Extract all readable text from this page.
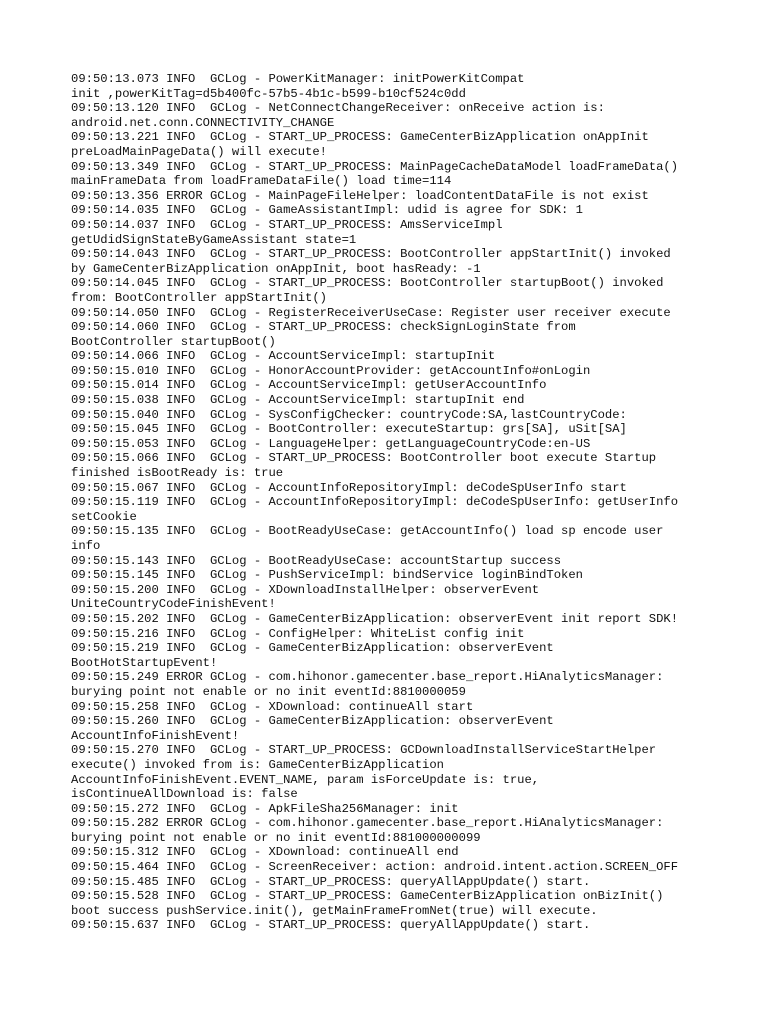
09:50:13.073 INFO  GCLog - PowerKitManager: initPowerKitCompat
init ,powerKitTag=d5b400fc-57b5-4b1c-b599-b10cf524c0dd
09:50:13.120 INFO  GCLog - NetConnectChangeReceiver: onReceive action is:
android.net.conn.CONNECTIVITY_CHANGE
09:50:13.221 INFO  GCLog - START_UP_PROCESS: GameCenterBizApplication onAppInit
preLoadMainPageData() will execute!
09:50:13.349 INFO  GCLog - START_UP_PROCESS: MainPageCacheDataModel loadFrameData()
mainFrameData from loadFrameDataFile() load time=114
09:50:13.356 ERROR GCLog - MainPageFileHelper: loadContentDataFile is not exist
09:50:14.035 INFO  GCLog - GameAssistantImpl: udid is agree for SDK: 1
09:50:14.037 INFO  GCLog - START_UP_PROCESS: AmsServiceImpl
getUdidSignStateByGameAssistant state=1
09:50:14.043 INFO  GCLog - START_UP_PROCESS: BootController appStartInit() invoked
by GameCenterBizApplication onAppInit, boot hasReady: -1
09:50:14.045 INFO  GCLog - START_UP_PROCESS: BootController startupBoot() invoked
from: BootController appStartInit()
09:50:14.050 INFO  GCLog - RegisterReceiverUseCase: Register user receiver execute
09:50:14.060 INFO  GCLog - START_UP_PROCESS: checkSignLoginState from
BootController startupBoot()
09:50:14.066 INFO  GCLog - AccountServiceImpl: startupInit
09:50:15.010 INFO  GCLog - HonorAccountProvider: getAccountInfo#onLogin
09:50:15.014 INFO  GCLog - AccountServiceImpl: getUserAccountInfo
09:50:15.038 INFO  GCLog - AccountServiceImpl: startupInit end
09:50:15.040 INFO  GCLog - SysConfigChecker: countryCode:SA,lastCountryCode:
09:50:15.045 INFO  GCLog - BootController: executeStartup: grs[SA], uSit[SA]
09:50:15.053 INFO  GCLog - LanguageHelper: getLanguageCountryCode:en-US
09:50:15.066 INFO  GCLog - START_UP_PROCESS: BootController boot execute Startup
finished isBootReady is: true
09:50:15.067 INFO  GCLog - AccountInfoRepositoryImpl: deCodeSpUserInfo start
09:50:15.119 INFO  GCLog - AccountInfoRepositoryImpl: deCodeSpUserInfo: getUserInfo
setCookie
09:50:15.135 INFO  GCLog - BootReadyUseCase: getAccountInfo() load sp encode user
info
09:50:15.143 INFO  GCLog - BootReadyUseCase: accountStartup success
09:50:15.145 INFO  GCLog - PushServiceImpl: bindService loginBindToken
09:50:15.200 INFO  GCLog - XDownloadInstallHelper: observerEvent
UniteCountryCodeFinishEvent!
09:50:15.202 INFO  GCLog - GameCenterBizApplication: observerEvent init report SDK!
09:50:15.216 INFO  GCLog - ConfigHelper: WhiteList config init
09:50:15.219 INFO  GCLog - GameCenterBizApplication: observerEvent
BootHotStartupEvent!
09:50:15.249 ERROR GCLog - com.hihonor.gamecenter.base_report.HiAnalyticsManager:
burying point not enable or no init eventId:8810000059
09:50:15.258 INFO  GCLog - XDownload: continueAll start
09:50:15.260 INFO  GCLog - GameCenterBizApplication: observerEvent
AccountInfoFinishEvent!
09:50:15.270 INFO  GCLog - START_UP_PROCESS: GCDownloadInstallServiceStartHelper
execute() invoked from is: GameCenterBizApplication
AccountInfoFinishEvent.EVENT_NAME, param isForceUpdate is: true,
isContinueAllDownload is: false
09:50:15.272 INFO  GCLog - ApkFileSha256Manager: init
09:50:15.282 ERROR GCLog - com.hihonor.gamecenter.base_report.HiAnalyticsManager:
burying point not enable or no init eventId:881000000099
09:50:15.312 INFO  GCLog - XDownload: continueAll end
09:50:15.464 INFO  GCLog - ScreenReceiver: action: android.intent.action.SCREEN_OFF
09:50:15.485 INFO  GCLog - START_UP_PROCESS: queryAllAppUpdate() start.
09:50:15.528 INFO  GCLog - START_UP_PROCESS: GameCenterBizApplication onBizInit()
boot success pushService.init(), getMainFrameFromNet(true) will execute.
09:50:15.637 INFO  GCLog - START_UP_PROCESS: queryAllAppUpdate() start.
